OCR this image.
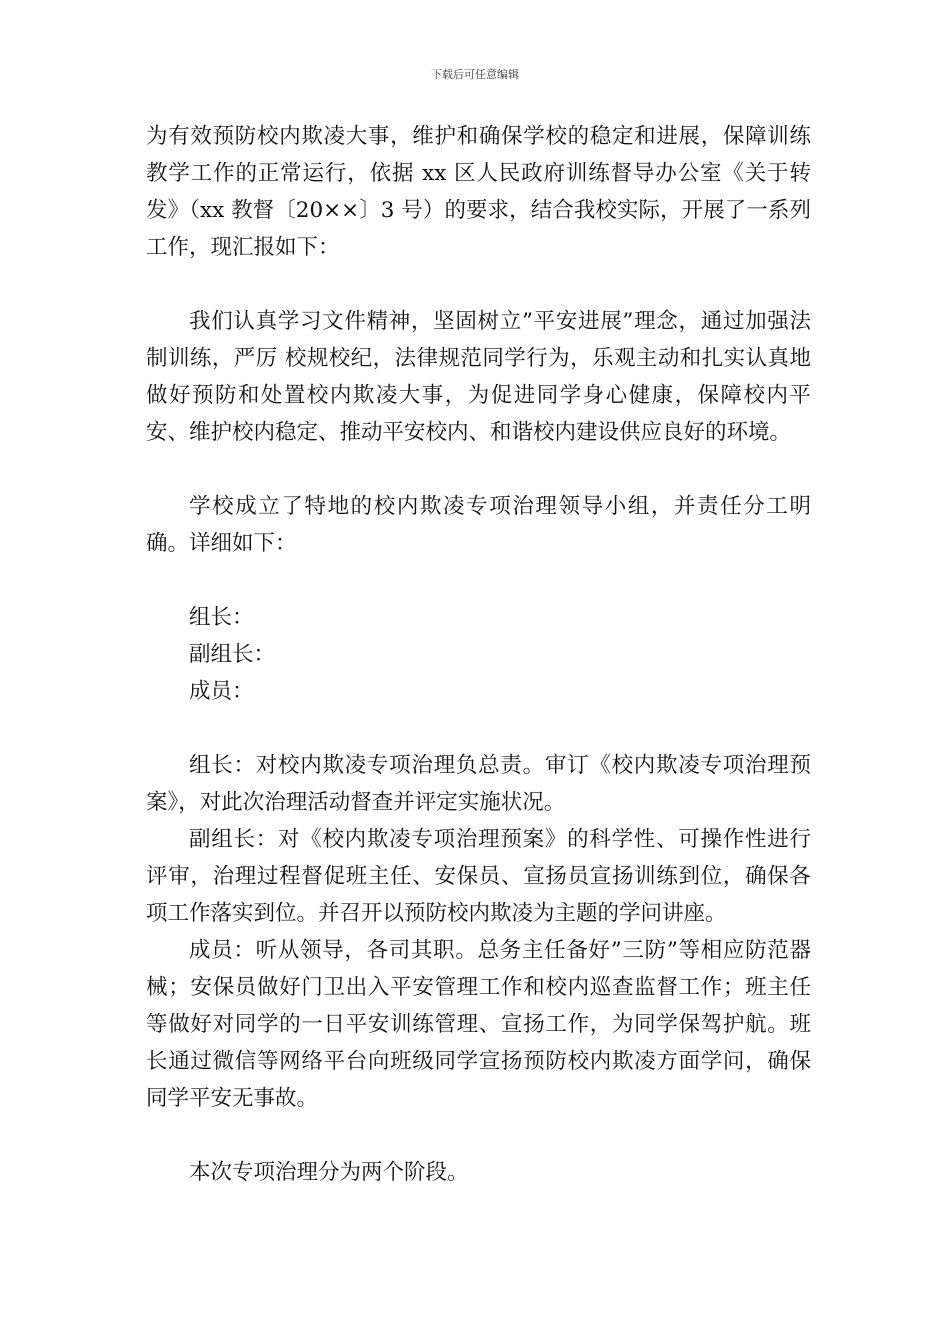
下载后可任意编辑

为有效预防校内欺凌大事，维护和确保学校的稳定和进展，保障训练教学工作的正常运行，依据 xx 区人民政府训练督导办公室《关于转发》（xx 教督〔20××〕3 号）的要求，结合我校实际，开展了一系列工作，现汇报如下：

我们认真学习文件精神，坚固树立”平安进展”理念，通过加强法制训练，严厉 校规校纪，法律规范同学行为，乐观主动和扎实认真地做好预防和处置校内欺凌大事，为促进同学身心健康，保障校内平安、维护校内稳定、推动平安校内、和谐校内建设供应良好的环境。

学校成立了特地的校内欺凌专项治理领导小组，并责任分工明确。详细如下：

组长：

副组长：

成员：

组长：对校内欺凌专项治理负总责。审订《校内欺凌专项治理预案》，对此次治理活动督查并评定实施状况。

副组长：对《校内欺凌专项治理预案》的科学性、可操作性进行评审，治理过程督促班主任、安保员、宣扬员宣扬训练到位，确保各项工作落实到位。并召开以预防校内欺凌为主题的学问讲座。

成员：听从领导，各司其职。总务主任备好”三防”等相应防范器械；安保员做好门卫出入平安管理工作和校内巡查监督工作；班主任等做好对同学的一日平安训练管理、宣扬工作，为同学保驾护航。班长通过微信等网络平台向班级同学宣扬预防校内欺凌方面学问，确保同学平安无事故。

本次专项治理分为两个阶段。
